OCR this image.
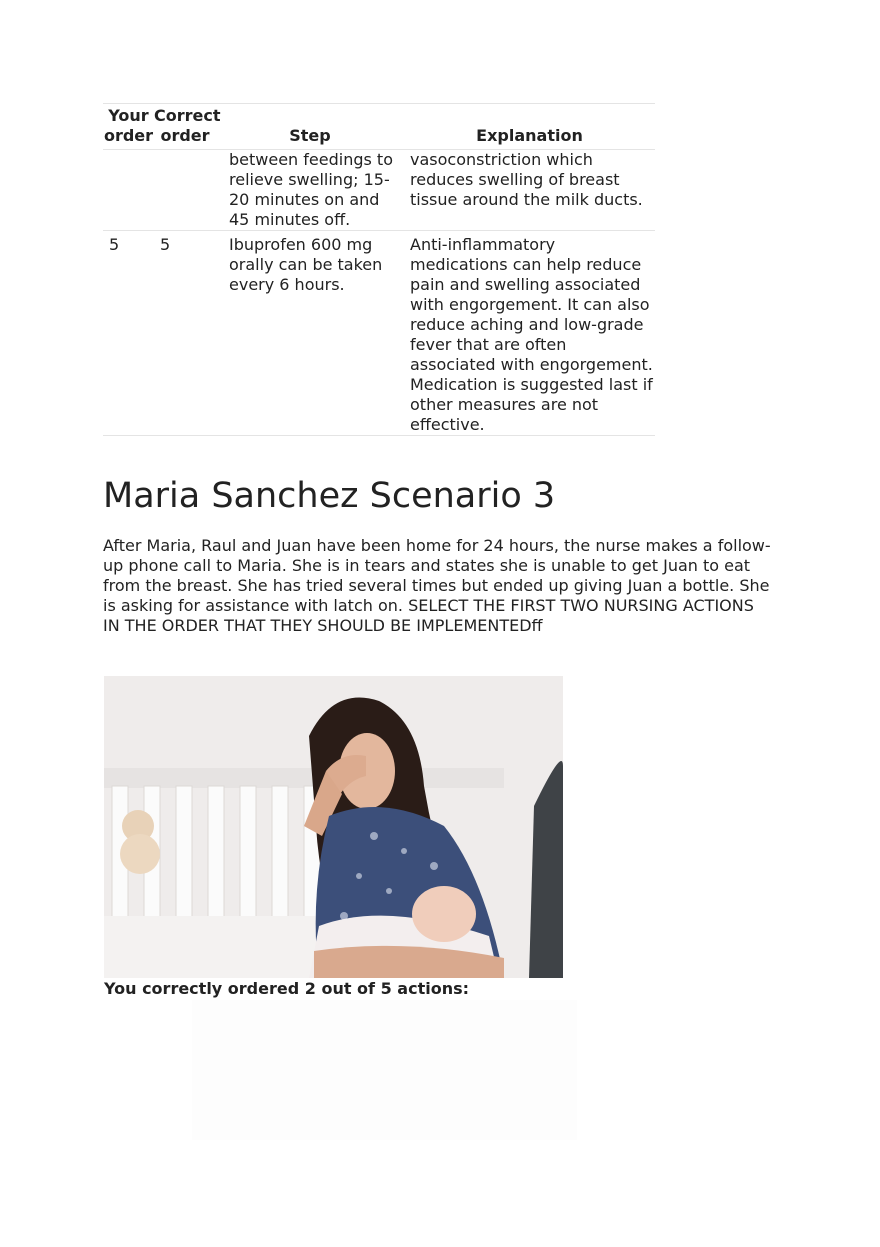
Your order	Correct order	Step	Explanation
		between feedings to relieve swelling; 15-20 minutes on and 45 minutes off.	vasoconstriction which reduces swelling of breast tissue around the milk ducts.
5	5	Ibuprofen 600 mg orally can be taken every 6 hours.	Anti-inflammatory medications can help reduce pain and swelling associated with engorgement. It can also reduce aching and low-grade fever that are often associated with engorgement. Medication is suggested last if other measures are not effective.
Maria Sanchez Scenario 3

After Maria, Raul and Juan have been home for 24 hours, the nurse makes a follow-up phone call to Maria. She is in tears and states she is unable to get Juan to eat from the breast. She has tried several times but ended up giving Juan a bottle. She is asking for assistance with latch on. SELECT THE FIRST TWO NURSING ACTIONS IN THE ORDER THAT THEY SHOULD BE IMPLEMENTEDff

You correctly ordered 2 out of 5 actions:
